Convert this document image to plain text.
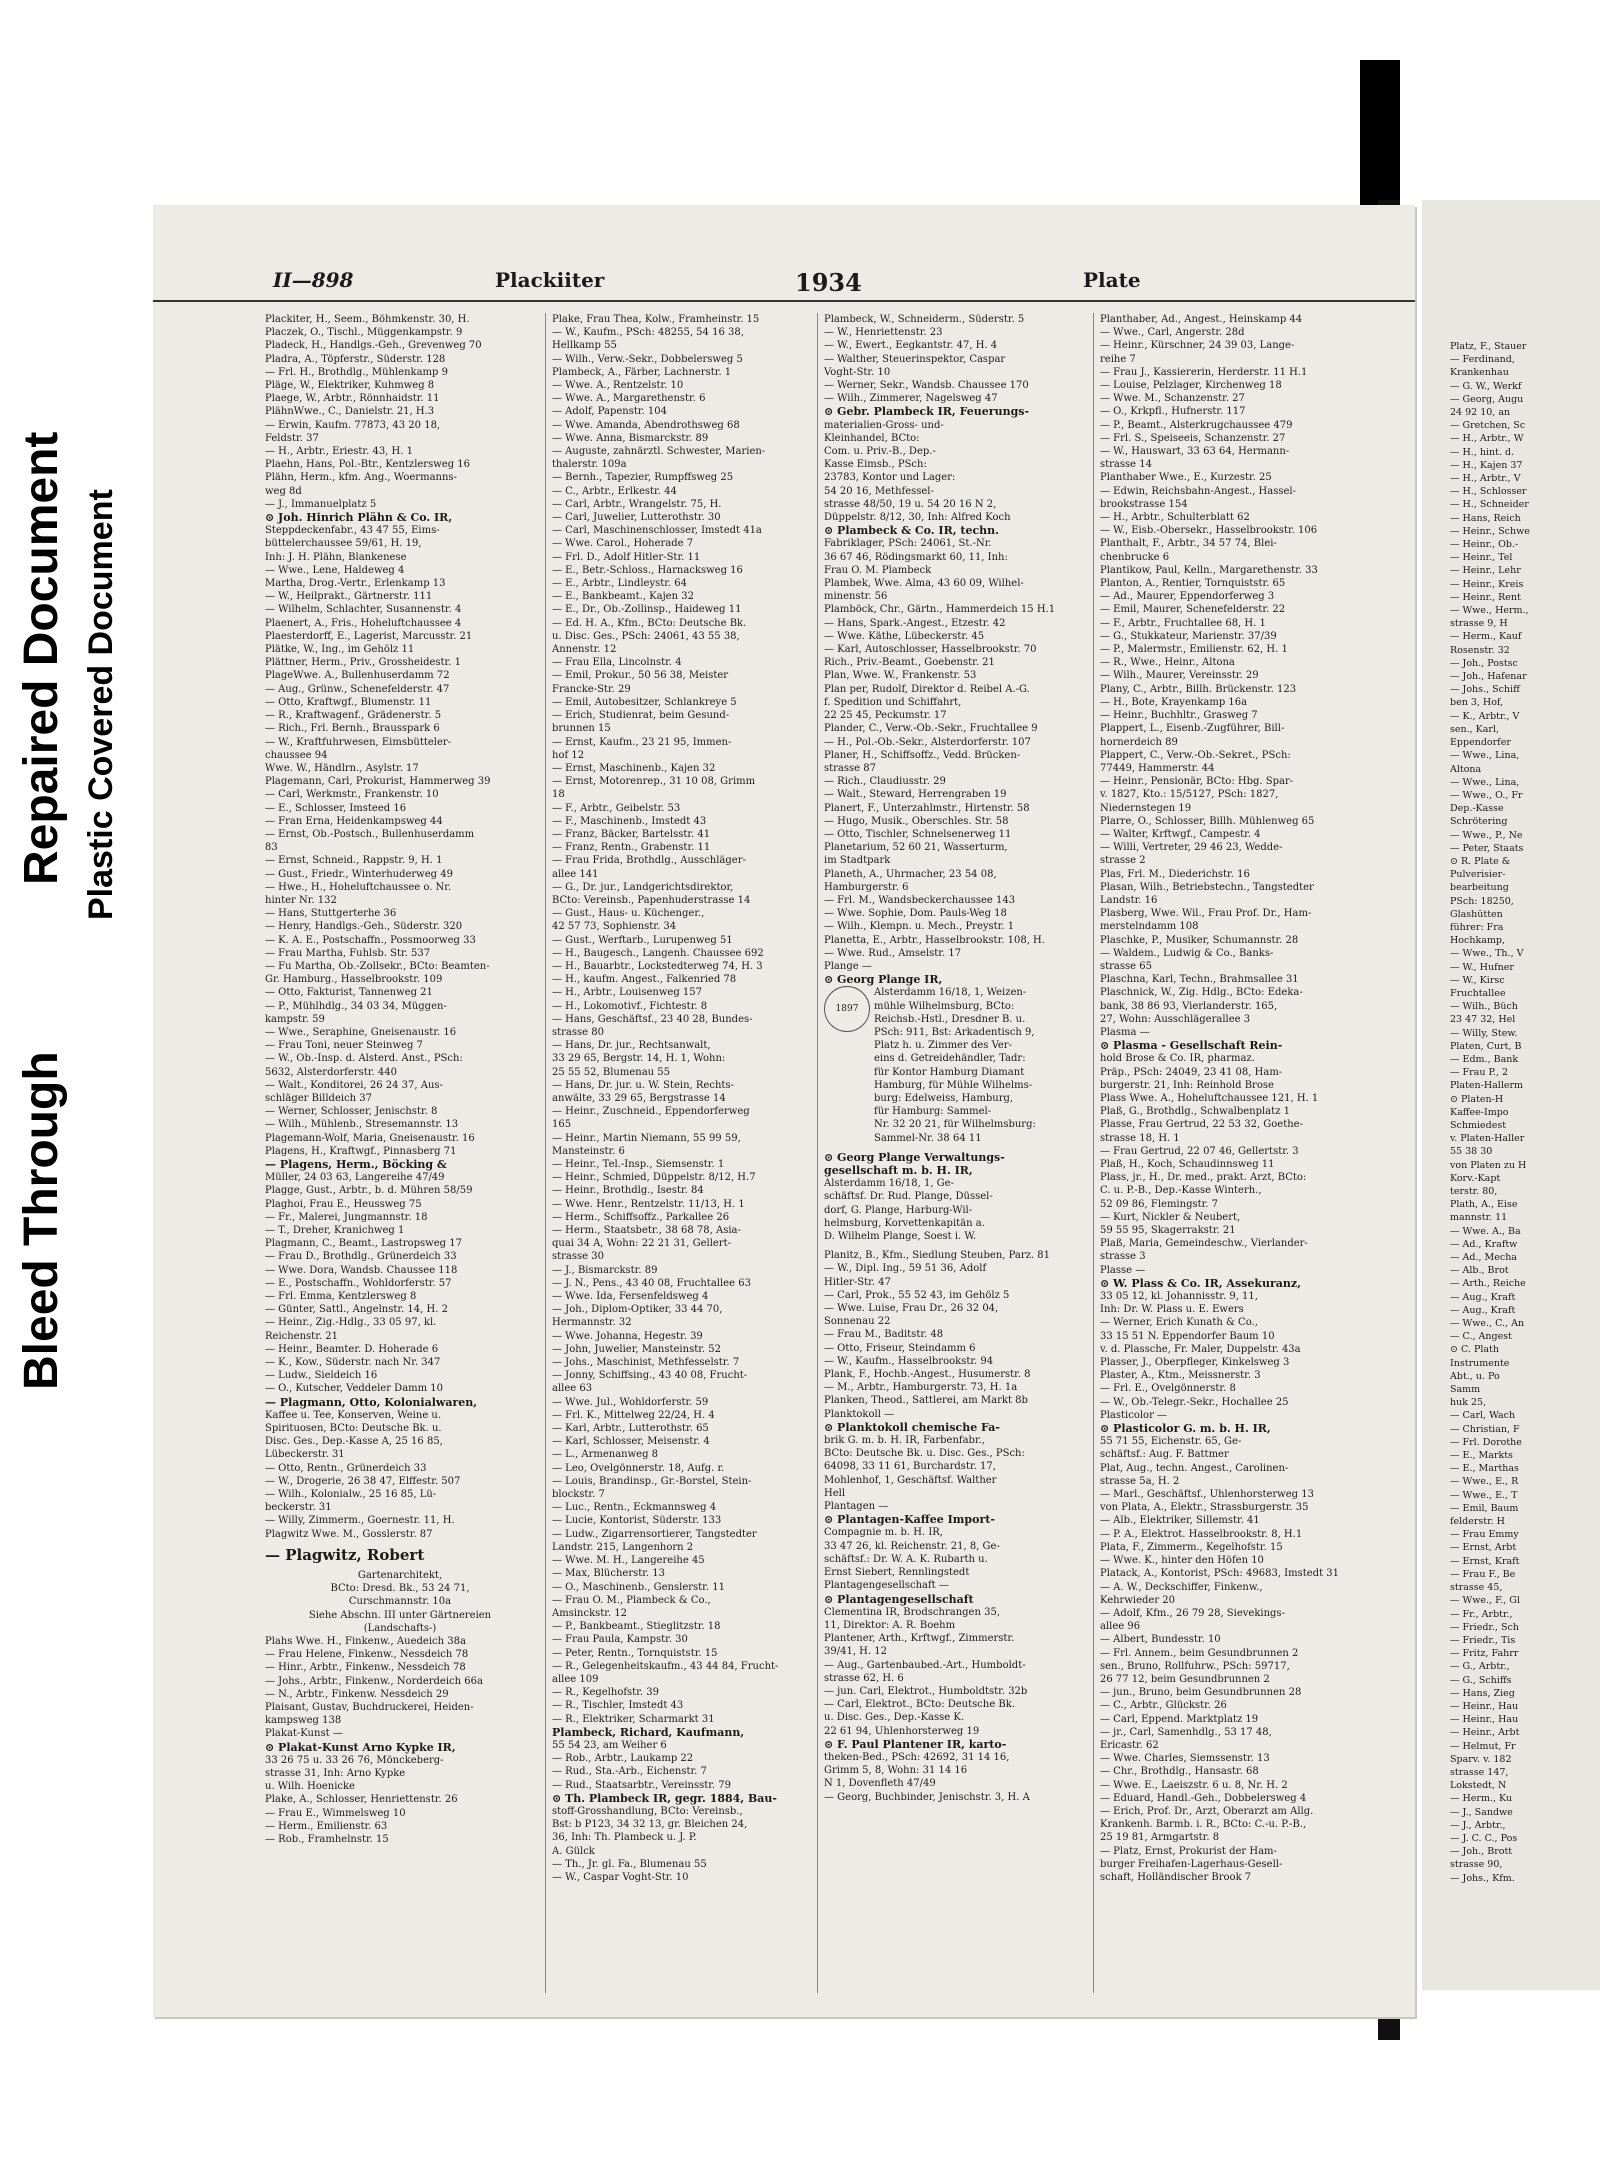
Bleed Through
Repaired Document Plastic Covered Document
II—898	Plackiiter	1934	Plate
Plackiter, H., Seem., Böhmkenstr. 30, H.
Placzek, O., Tischl., Müggenkampstr. 9
Pladeck, H., Handlgs.-Geh., Grevenweg 70
Pladra, A., Töpferstr., Süderstr. 128
— Frl. H., Brothdlg., Mühlenkamp 9
Pläge, W., Elektriker, Kuhmweg 8
Plaege, W., Arbtr., Rönnhaidstr. 11
PlähnWwe., C., Danielstr. 21, H.3
— Erwin, Kaufm. 77873, 43 20 18,
Feldstr. 37
— H., Arbtr., Eriestr. 43, H. 1
Plaehn, Hans, Pol.-Btr., Kentzlersweg 16
Plähn, Herm., kfm. Ang., Woermanns-
weg 8d
— J., Immanuelplatz 5
⊙ Joh. Hinrich Plähn & Co. IR,
Steppdeckenfabr., 43 47 55, Eims-
büttelerchaussee 59/61, H. 19,
Inh: J. H. Plähn, Blankenese
— Wwe., Lene, Haldeweg 4
Martha, Drog.-Vertr., Erlenkamp 13
— W., Heilprakt., Gärtnerstr. 111
— Wilhelm, Schlachter, Susannenstr. 4
Plaenert, A., Fris., Hoheluftchaussee 4
Plaesterdorff, E., Lagerist, Marcusstr. 21
Plätke, W., Ing., im Gehölz 11
Plättner, Herm., Priv., Grossheidestr. 1
PlageWwe. A., Bullenhuserdamm 72
— Aug., Grünw., Schenefelderstr. 47
— Otto, Kraftwgf., Blumenstr. 11
— R., Kraftwagenf., Grädenerstr. 5
— Rich., Frl. Bernh., Brausspark 6
— W., Kraftfuhrwesen, Eimsbütteler-
chaussee 94
Wwe. W., Händlrn., Asylstr. 17
Plagemann, Carl, Prokurist, Hammerweg 39
— Carl, Werkmstr., Frankenstr. 10
— E., Schlosser, Imsteed 16
— Fran Erna, Heidenkampsweg 44
— Ernst, Ob.-Postsch., Bullenhuserdamm
83
— Ernst, Schneid., Rappstr. 9, H. 1
— Gust., Friedr., Winterhuderweg 49
— Hwe., H., Hoheluftchaussee o. Nr.
hinter Nr. 132
— Hans, Stuttgerterhe 36
— Henry, Handlgs.-Geh., Süderstr. 320
— K. A. E., Postschaffn., Possmoorweg 33
— Frau Martha, Fuhlsb. Str. 537
— Fu Martha, Ob.-Zollsekr., BCto: Beamten-
Gr. Hamburg., Hasselbrookstr. 109
— Otto, Fakturist, Tannenweg 21
— P., Mühlhdlg., 34 03 34, Müggen-
kampstr. 59
— Wwe., Seraphine, Gneisenaustr. 16
— Frau Toni, neuer Steinweg 7
— W., Ob.-Insp. d. Alsterd. Anst., PSch:
5632, Alsterdorferstr. 440
— Walt., Konditorei, 26 24 37, Aus-
schläger Billdeich 37
— Werner, Schlosser, Jenischstr. 8
— Wilh., Mühlenb., Stresemannstr. 13
Plagemann-Wolf, Maria, Gneisenaustr. 16
Plagens, H., Kraftwgf., Pinnasberg 71
— Plagens, Herm., Böcking &
Müller, 24 03 63, Langereihe 47/49
Plagge, Gust., Arbtr., b. d. Mühren 58/59
Plaghoi, Frau E., Heussweg 75
— Fr., Malerei, Jungmannstr. 18
— T., Dreher, Kranichweg 1
Plagmann, C., Beamt., Lastropsweg 17
— Frau D., Brothdlg., Grünerdeich 33
— Wwe. Dora, Wandsb. Chaussee 118
— E., Postschaffn., Wohldorferstr. 57
— Frl. Emma, Kentzlersweg 8
— Günter, Sattl., Angelnstr. 14, H. 2
— Heinr., Zig.-Hdlg., 33 05 97, kl.
Reichenstr. 21
— Heinr., Beamter. D. Hoherade 6
— K., Kow., Süderstr. nach Nr. 347
— Ludw., Sieldeich 16
— O., Kutscher, Veddeler Damm 10
— Plagmann, Otto, Kolonialwaren,
Kaffee u. Tee, Konserven, Weine u.
Spirituosen, BCto: Deutsche Bk. u.
Disc. Ges., Dep.-Kasse A, 25 16 85,
Lübeckerstr. 31
— Otto, Rentn., Grünerdeich 33
— W., Drogerie, 26 38 47, Elffestr. 507
— Wilh., Kolonialw., 25 16 85, Lü-
beckerstr. 31
— Willy, Zimmerm., Goernestr. 11, H.
Plagwitz Wwe. M., Gosslerstr. 87
— Plagwitz, Robert
Gartenarchitekt,
BCto: Dresd. Bk., 53 24 71,
Curschmannstr. 10a
Siehe Abschn. III unter Gärtnereien
(Landschafts-)
Plahs Wwe. H., Finkenw., Auedeich 38a
— Frau Helene, Finkenw., Nessdeich 78
— Hinr., Arbtr., Finkenw., Nessdeich 78
— Johs., Arbtr., Finkenw., Norderdeich 66a
— N., Arbtr., Finkenw. Nessdeich 29
Plaisant, Gustav, Buchdruckerei, Heiden-
kampsweg 138
Plakat-Kunst —
⊙ Plakat-Kunst Arno Kypke IR,
33 26 75 u. 33 26 76, Mönckeberg-
strasse 31, Inh: Arno Kypke
u. Wilh. Hoenicke
Plake, A., Schlosser, Henriettenstr. 26
— Frau E., Wimmelsweg 10
— Herm., Emilienstr. 63
— Rob., Framhelnstr. 15
Plake, Frau Thea, Kolw., Framheinstr. 15
— W., Kaufm., PSch: 48255, 54 16 38,
Hellkamp 55
— Wilh., Verw.-Sekr., Dobbelersweg 5
Plambeck, A., Färber, Lachnerstr. 1
— Wwe. A., Rentzelstr. 10
— Wwe. A., Margarethenstr. 6
— Adolf, Papenstr. 104
— Wwe. Amanda, Abendrothsweg 68
— Wwe. Anna, Bismarckstr. 89
— Auguste, zahnärztl. Schwester, Marien-
thalerstr. 109a
— Bernh., Tapezier, Rumpffsweg 25
— C., Arbtr., Erlkestr. 44
— Carl, Arbtr., Wrangelstr. 75, H.
— Carl, Juwelier, Lutterothstr. 30
— Carl, Maschinenschlosser, Imstedt 41a
— Wwe. Carol., Hoherade 7
— Frl. D., Adolf Hitler-Str. 11
— E., Betr.-Schloss., Harnacksweg 16
— E., Arbtr., Lindleystr. 64
— E., Bankbeamt., Kajen 32
— E., Dr., Ob.-Zollinsp., Haideweg 11
— Ed. H. A., Kfm., BCto: Deutsche Bk.
u. Disc. Ges., PSch: 24061, 43 55 38,
Annenstr. 12
— Frau Ella, Lincolnstr. 4
— Emil, Prokur., 50 56 38, Meister
Francke-Str. 29
— Emil, Autobesitzer, Schlankreye 5
— Erich, Studienrat, beim Gesund-
brunnen 15
— Ernst, Kaufm., 23 21 95, Immen-
hof 12
— Ernst, Maschinenb., Kajen 32
— Ernst, Motorenrep., 31 10 08, Grimm
18
— F., Arbtr., Geibelstr. 53
— F., Maschinenb., Imstedt 43
— Franz, Bäcker, Bartelsstr. 41
— Franz, Rentn., Grabenstr. 11
— Frau Frida, Brothdlg., Ausschläger-
allee 141
— G., Dr. jur., Landgerichtsdirektor,
BCto: Vereinsb., Papenhuderstrasse 14
— Gust., Haus- u. Küchenger.,
42 57 73, Sophienstr. 34
— Gust., Werftarb., Lurupenweg 51
— H., Baugesch., Langenh. Chaussee 692
— H., Bauarbtr., Lockstedterweg 74, H. 3
— H., kaufm. Angest., Falkenried 78
— H., Arbtr., Louisenweg 157
— H., Lokomotivf., Fichtestr. 8
— Hans, Geschäftsf., 23 40 28, Bundes-
strasse 80
— Hans, Dr. jur., Rechtsanwalt,
33 29 65, Bergstr. 14, H. 1, Wohn:
25 55 52, Blumenau 55
— Hans, Dr. jur. u. W. Stein, Rechts-
anwälte, 33 29 65, Bergstrasse 14
— Heinr., Zuschneid., Eppendorferweg
165
— Heinr., Martin Niemann, 55 99 59,
Mansteinstr. 6
— Heinr., Tel.-Insp., Siemsenstr. 1
— Heinr., Schmied, Düppelstr. 8/12, H.7
— Heinr., Brothdlg., Isestr. 84
— Wwe. Henr., Rentzelstr. 11/13, H. 1
— Herm., Schiffsoffz., Parkallee 26
— Herm., Staatsbetr., 38 68 78, Asia-
quai 34 A, Wohn: 22 21 31, Gellert-
strasse 30
— J., Bismarckstr. 89
— J. N., Pens., 43 40 08, Fruchtallee 63
— Wwe. Ida, Fersenfeldsweg 4
— Joh., Diplom-Optiker, 33 44 70,
Hermannstr. 32
— Wwe. Johanna, Hegestr. 39
— John, Juwelier, Mansteinstr. 52
— Johs., Maschinist, Methfesselstr. 7
— Jonny, Schiffsing., 43 40 08, Frucht-
allee 63
— Wwe. Jul., Wohldorferstr. 59
— Frl. K., Mittelweg 22/24, H. 4
— Karl, Arbtr., Lutterothstr. 65
— Karl, Schlosser, Meisenstr. 4
— L., Armenanweg 8
— Leo, Ovelgönnerstr. 18, Aufg. r.
— Louis, Brandinsp., Gr.-Borstel, Stein-
blockstr. 7
— Luc., Rentn., Eckmannsweg 4
— Lucie, Kontorist, Süderstr. 133
— Ludw., Zigarrensortierer, Tangstedter
Landstr. 215, Langenhorn 2
— Wwe. M. H., Langereihe 45
— Max, Blücherstr. 13
— O., Maschinenb., Genslerstr. 11
— Frau O. M., Plambeck & Co.,
Amsinckstr. 12
— P., Bankbeamt., Stieglitzstr. 18
— Frau Paula, Kampstr. 30
— Peter, Rentn., Tornquiststr. 15
— R., Gelegenheitskaufm., 43 44 84, Frucht-
allee 109
— R., Kegelhofstr. 39
— R., Tischler, Imstedt 43
— R., Elektriker, Scharmarkt 31
Plambeck, Richard, Kaufmann,
55 54 23, am Weiher 6
— Rob., Arbtr., Laukamp 22
— Rud., Sta.-Arb., Eichenstr. 7
— Rud., Staatsarbtr., Vereinsstr. 79
⊙ Th. Plambeck IR, gegr. 1884, Bau-
stoff-Grosshandlung, BCto: Vereinsb.,
Bst: b P123, 34 32 13, gr. Bleichen 24,
36, Inh: Th. Plambeck u. J. P.
A. Gülck
— Th., Jr. gl. Fa., Blumenau 55
— W., Caspar Voght-Str. 10
Plambeck, W., Schneiderm., Süderstr. 5
— W., Henriettenstr. 23
— W., Ewert., Eegkantstr. 47, H. 4
— Walther, Steuerinspektor, Caspar
Voght-Str. 10
— Werner, Sekr., Wandsb. Chaussee 170
— Wilh., Zimmerer, Nagelsweg 47
⊙ Gebr. Plambeck IR, Feuerungs-
materialien-Gross- und-
Kleinhandel, BCto:
Com. u. Priv.-B., Dep.-
Kasse Eimsb., PSch:
23783, Kontor und Lager:
54 20 16, Methfessel-
strasse 48/50, 19 u. 54 20 16 N 2,
Düppelstr. 8/12, 30, Inh: Alfred Koch
⊙ Plambeck & Co. IR, techn.
Fabriklager, PSch: 24061, St.-Nr.
36 67 46, Rödingsmarkt 60, 11, Inh:
Frau O. M. Plambeck
Plambek, Wwe. Alma, 43 60 09, Wilhel-
minenstr. 56
Plamböck, Chr., Gärtn., Hammerdeich 15 H.1
— Hans, Spark.-Angest., Etzestr. 42
— Wwe. Käthe, Lübeckerstr. 45
— Karl, Autoschlosser, Hasselbrookstr. 70
Rich., Priv.-Beamt., Goebenstr. 21
Plan, Wwe. W., Frankenstr. 53
Plan per, Rudolf, Direktor d. Reibel A.-G.
f. Spedition und Schiffahrt,
22 25 45, Peckumstr. 17
Plander, C., Verw.-Ob.-Sekr., Fruchtallee 9
— H., Pol.-Ob.-Sekr., Alsterdorferstr. 107
Planer, H., Schiffsoffz., Vedd. Brücken-
strasse 87
— Rich., Claudiusstr. 29
— Walt., Steward, Herrengraben 19
Planert, F., Unterzahlmstr., Hirtenstr. 58
— Hugo, Musik., Oberschles. Str. 58
— Otto, Tischler, Schnelsenerweg 11
Planetarium, 52 60 21, Wasserturm,
im Stadtpark
Planeth, A., Uhrmacher, 23 54 08,
Hamburgerstr. 6
— Frl. M., Wandsbeckerchaussee 143
— Wwe. Sophie, Dom. Pauls-Weg 18
— Wilh., Klempn. u. Mech., Preystr. 1
Planetta, E., Arbtr., Hasselbrookstr. 108, H.
— Wwe. Rud., Amselstr. 17
Plange —
⊙ Georg Plange IR,
1897
Alsterdamm 16/18, 1, Weizen-
mühle Wilhelmsburg, BCto:
Reichsb.-Hstl., Dresdner B. u.
PSch: 911, Bst: Arkadentisch 9,
Platz h. u. Zimmer des Ver-
eins d. Getreidehändler, Tadr:
für Kontor Hamburg Diamant
Hamburg, für Mühle Wilhelms-
burg: Edelweiss, Hamburg,
für Hamburg: Sammel-
Nr. 32 20 21, für Wilhelmsburg:
Sammel-Nr. 38 64 11
⊙ Georg Plange Verwaltungs-
gesellschaft m. b. H. IR,
Alsterdamm 16/18, 1, Ge-
schäftsf. Dr. Rud. Plange, Düssel-
dorf, G. Plange, Harburg-Wil-
helmsburg, Korvettenkapitän a.
D. Wilhelm Plange, Soest i. W.
Planitz, B., Kfm., Siedlung Steuben, Parz. 81
— W., Dipl. Ing., 59 51 36, Adolf
Hitler-Str. 47
— Carl, Prok., 55 52 43, im Gehölz 5
— Wwe. Luise, Frau Dr., 26 32 04,
Sonnenau 22
— Frau M., Baditstr. 48
— Otto, Friseur, Steindamm 6
— W., Kaufm., Hasselbrookstr. 94
Plank, F., Hochb.-Angest., Husumerstr. 8
— M., Arbtr., Hamburgerstr. 73, H. 1a
Planken, Theod., Sattlerei, am Markt 8b
Planktokoll —
⊙ Planktokoll chemische Fa-
brik G. m. b. H. IR, Farbenfabr.,
BCto: Deutsche Bk. u. Disc. Ges., PSch:
64098, 33 11 61, Burchardstr. 17,
Mohlenhof, 1, Geschäftsf. Walther
Hell
Plantagen —
⊙ Plantagen-Kaffee Import-
Compagnie m. b. H. IR,
33 47 26, kl. Reichenstr. 21, 8, Ge-
schäftsf.: Dr. W. A. K. Rubarth u.
Ernst Siebert, Rennlingstedt
Plantagengesellschaft —
⊙ Plantagengesellschaft
Clementina IR, Brodschrangen 35,
11, Direktor: A. R. Boehm
Plantener, Arth., Krftwgf., Zimmerstr.
39/41, H. 12
— Aug., Gartenbaubed.-Art., Humboldt-
strasse 62, H. 6
— jun. Carl, Elektrot., Humboldtstr. 32b
— Carl, Elektrot., BCto: Deutsche Bk.
u. Disc. Ges., Dep.-Kasse K.
22 61 94, Uhlenhorsterweg 19
⊙ F. Paul Plantener IR, karto-
theken-Bed., PSch: 42692, 31 14 16,
Grimm 5, 8, Wohn: 31 14 16
N 1, Dovenfleth 47/49
— Georg, Buchbinder, Jenischstr. 3, H. A
Planthaber, Ad., Angest., Heinskamp 44
— Wwe., Carl, Angerstr. 28d
— Heinr., Kürschner, 24 39 03, Lange-
reihe 7
— Frau J., Kassiererin, Herderstr. 11 H.1
— Louise, Pelzlager, Kirchenweg 18
— Wwe. M., Schanzenstr. 27
— O., Krkpfl., Hufnerstr. 117
— P., Beamt., Alsterkrugchaussee 479
— Frl. S., Speiseeis, Schanzenstr. 27
— W., Hauswart, 33 63 64, Hermann-
strasse 14
Planthaber Wwe., E., Kurzestr. 25
— Edwin, Reichsbahn-Angest., Hassel-
brookstrasse 154
— H., Arbtr., Schulterblatt 62
— W., Eisb.-Obersekr., Hasselbrookstr. 106
Planthalt, F., Arbtr., 34 57 74, Blei-
chenbrucke 6
Plantikow, Paul, Kelln., Margarethenstr. 33
Planton, A., Rentier, Tornquiststr. 65
— Ad., Maurer, Eppendorferweg 3
— Emil, Maurer, Schenefelderstr. 22
— F., Arbtr., Fruchtallee 68, H. 1
— G., Stukkateur, Marienstr. 37/39
— P., Malermstr., Emilienstr. 62, H. 1
— R., Wwe., Heinr., Altona
— Wilh., Maurer, Vereinsstr. 29
Plany, C., Arbtr., Billh. Brückenstr. 123
— H., Bote, Krayenkamp 16a
— Heinr., Buchhltr., Grasweg 7
Plappert, L., Eisenb.-Zugführer, Bill-
hornerdeich 89
Plappert, C., Verw.-Ob.-Sekret., PSch:
77449, Hammerstr. 44
— Heinr., Pensionär, BCto: Hbg. Spar-
v. 1827, Kto.: 15/5127, PSch: 1827,
Niedernstegen 19
Plarre, O., Schlosser, Billh. Mühlenweg 65
— Walter, Krftwgf., Campestr. 4
— Willi, Vertreter, 29 46 23, Wedde-
strasse 2
Plas, Frl. M., Diederichstr. 16
Plasan, Wilh., Betriebstechn., Tangstedter
Landstr. 16
Plasberg, Wwe. Wil., Frau Prof. Dr., Ham-
merstelndamm 108
Plaschke, P., Musiker, Schumannstr. 28
— Waldem., Ludwig & Co., Banks-
strasse 65
Plaschna, Karl, Techn., Brahmsallee 31
Plaschnick, W., Zig. Hdlg., BCto: Edeka-
bank, 38 86 93, Vierlanderstr. 165,
27, Wohn: Ausschlägerallee 3
Plasma —
⊙ Plasma - Gesellschaft Rein-
hold Brose & Co. IR, pharmaz.
Präp., PSch: 24049, 23 41 08, Ham-
burgerstr. 21, Inh: Reinhold Brose
Plass Wwe. A., Hoheluftchaussee 121, H. 1
Plaß, G., Brothdlg., Schwalbenplatz 1
Plasse, Frau Gertrud, 22 53 32, Goethe-
strasse 18, H. 1
— Frau Gertrud, 22 07 46, Gellertstr. 3
Plaß, H., Koch, Schaudinnsweg 11
Plass, jr., H., Dr. med., prakt. Arzt, BCto:
C. u. P.-B., Dep.-Kasse Winterh.,
52 09 86, Flemingstr. 7
— Kurt, Nickler & Neubert,
59 55 95, Skagerrakstr. 21
Plaß, Maria, Gemeindeschw., Vierlander-
strasse 3
Plasse —
⊙ W. Plass & Co. IR, Assekuranz,
33 05 12, kl. Johannisstr. 9, 11,
Inh: Dr. W. Plass u. E. Ewers
— Werner, Erich Kunath & Co.,
33 15 51 N. Eppendorfer Baum 10
v. d. Plassche, Fr. Maler, Duppelstr. 43a
Plasser, J., Oberpfleger, Kinkelsweg 3
Plaster, A., Ktm., Meissnerstr. 3
— Frl. E., Ovelgönnerstr. 8
— W., Ob.-Telegr.-Sekr., Hochallee 25
Plasticolor —
⊙ Plasticolor G. m. b. H. IR,
55 71 55, Eichenstr. 65, Ge-
schäftsf.: Aug. F. Battmer
Plat, Aug., techn. Angest., Carolinen-
strasse 5a, H. 2
— Marl., Geschäftsf., Uhlenhorsterweg 13
von Plata, A., Elektr., Strassburgerstr. 35
— Alb., Elektriker, Sillemstr. 41
— P. A., Elektrot. Hasselbrookstr. 8, H.1
Plata, F., Zimmerm., Kegelhofstr. 15
— Wwe. K., hinter den Höfen 10
Platack, A., Kontorist, PSch: 49683, Imstedt 31
— A. W., Deckschiffer, Finkenw.,
Kehrwieder 20
— Adolf, Kfm., 26 79 28, Sievekings-
allee 96
— Albert, Bundesstr. 10
— Frl. Annem., beim Gesundbrunnen 2
sen., Bruno, Rollfuhrw., PSch: 59717,
26 77 12, beim Gesundbrunnen 2
— jun., Bruno, beim Gesundbrunnen 28
— C., Arbtr., Glückstr. 26
— Carl, Eppend. Marktplatz 19
— jr., Carl, Samenhdlg., 53 17 48,
Ericastr. 62
— Wwe. Charles, Siemssenstr. 13
— Chr., Brothdlg., Hansastr. 68
— Wwe. E., Laeiszstr. 6 u. 8, Nr. H. 2
— Eduard, Handl.-Geh., Dobbelersweg 4
— Erich, Prof. Dr., Arzt, Oberarzt am Allg.
Krankenh. Barmb. i. R., BCto: C.-u. P.-B.,
25 19 81, Armgartstr. 8
— Platz, Ernst, Prokurist der Ham-
burger Freihafen-Lagerhaus-Gesell-
schaft, Holländischer Brook 7
Platz, F., Stauer
— Ferdinand,
Krankenhau
— G. W., Werkf
— Georg, Augu
24 92 10, an
— Gretchen, Sc
— H., Arbtr., W
— H., hint. d.
— H., Kajen 37
— H., Arbtr., V
— H., Schlosser
— H., Schneider
— Hans, Reich
— Heinr., Schwe
— Heinr., Ob.-
— Heinr., Tel
— Heinr., Lehr
— Heinr., Kreis
— Heinr., Rent
— Wwe., Herm.,
strasse 9, H
— Herm., Kauf
Rosenstr. 32
— Joh., Postsc
— Joh., Hafenar
— Johs., Schiff
ben 3, Hof,
— K., Arbtr., V
sen., Karl,
Eppendorfer
— Wwe., Lina,
Altona
— Wwe., Lina,
— Wwe., O., Fr
Dep.-Kasse
Schrötering
— Wwe., P., Ne
— Peter, Staats
⊙ R. Plate &
Pulverisier-
bearbeitung
PSch: 18250,
Glashütten
führer: Fra
Hochkamp,
— Wwe., Th., V
— W., Hufner
— W., Kirsc
Fruchtallee
— Wilh., Büch
23 47 32, Hel
— Willy, Stew.
Platen, Curt, B
— Edm., Bank
— Frau P., 2
Platen-Hallerm
⊙ Platen-H
Kaffee-Impo
Schmiedest
v. Platen-Haller
55 38 30
von Platen zu H
Korv.-Kapt
terstr. 80,
Plath, A., Eise
mannstr. 11
— Wwe. A., Ba
— Ad., Kraftw
— Ad., Mecha
— Alb., Brot
— Arth., Reiche
— Aug., Kraft
— Aug., Kraft
— Wwe., C., An
— C., Angest
⊙ C. Plath
Instrumente
Abt., u. Po
Samm
huk 25,
— Carl, Wach
— Christian, F
— Frl. Dorothe
— E., Markts
— E., Marthas
— Wwe., E., R
— Wwe., E., T
— Emil, Baum
felderstr. H
— Frau Emmy
— Ernst, Arbt
— Ernst, Kraft
— Frau F., Be
strasse 45,
— Wwe., F., Gl
— Fr., Arbtr.,
— Friedr., Sch
— Friedr., Tis
— Fritz, Fahrr
— G., Arbtr.,
— G., Schiffs
— Hans, Zieg
— Heinr., Hau
— Heinr., Hau
— Heinr., Arbt
— Helmut, Fr
Sparv. v. 182
strasse 147,
Lokstedt, N
— Herm., Ku
— J., Sandwe
— J., Arbtr.,
— J. C. C., Pos
— Joh., Brott
strasse 90,
— Johs., Kfm.
